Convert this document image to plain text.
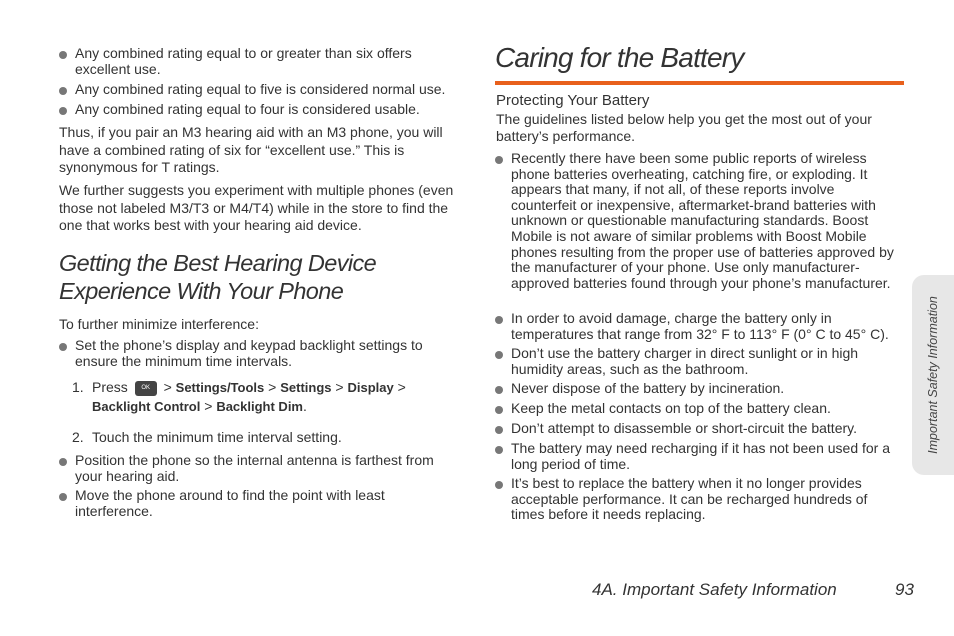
Any combined rating equal to or greater than six offers excellent use.
Any combined rating equal to five is considered normal use.
Any combined rating equal to four is considered usable.
Thus, if you pair an M3 hearing aid with an M3 phone, you will have a combined rating of six for “excellent use.” This is synonymous for T ratings.
We further suggests you experiment with multiple phones (even those not labeled M3/T3 or M4/T4) while in the store to find the one that works best with your hearing aid device.
Getting the Best Hearing Device Experience With Your Phone
To further minimize interference:
Set the phone’s display and keypad backlight settings to ensure the minimum time intervals.
1. Press OK > Settings/Tools > Settings > Display >
Backlight Control > Backlight Dim.
2. Touch the minimum time interval setting.
Position the phone so the internal antenna is farthest from your hearing aid.
Move the phone around to find the point with least interference.
Caring for the Battery
Protecting Your Battery
The guidelines listed below help you get the most out of your battery’s performance.
Recently there have been some public reports of wireless phone batteries overheating, catching fire, or exploding. It appears that many, if not all, of these reports involve counterfeit or inexpensive, aftermarket-brand batteries with unknown or questionable manufacturing standards. Boost Mobile is not aware of similar problems with Boost Mobile phones resulting from the proper use of batteries approved by the manufacturer of your phone. Use only manufacturer-approved batteries found through your phone’s manufacturer.
In order to avoid damage, charge the battery only in temperatures that range from 32° F to 113° F (0° C to 45° C).
Don’t use the battery charger in direct sunlight or in high humidity areas, such as the bathroom.
Never dispose of the battery by incineration.
Keep the metal contacts on top of the battery clean.
Don’t attempt to disassemble or short-circuit the battery.
The battery may need recharging if it has not been used for a long period of time.
It’s best to replace the battery when it no longer provides acceptable performance. It can be recharged hundreds of times before it needs replacing.
Important Safety Information
4A. Important Safety Information	93
